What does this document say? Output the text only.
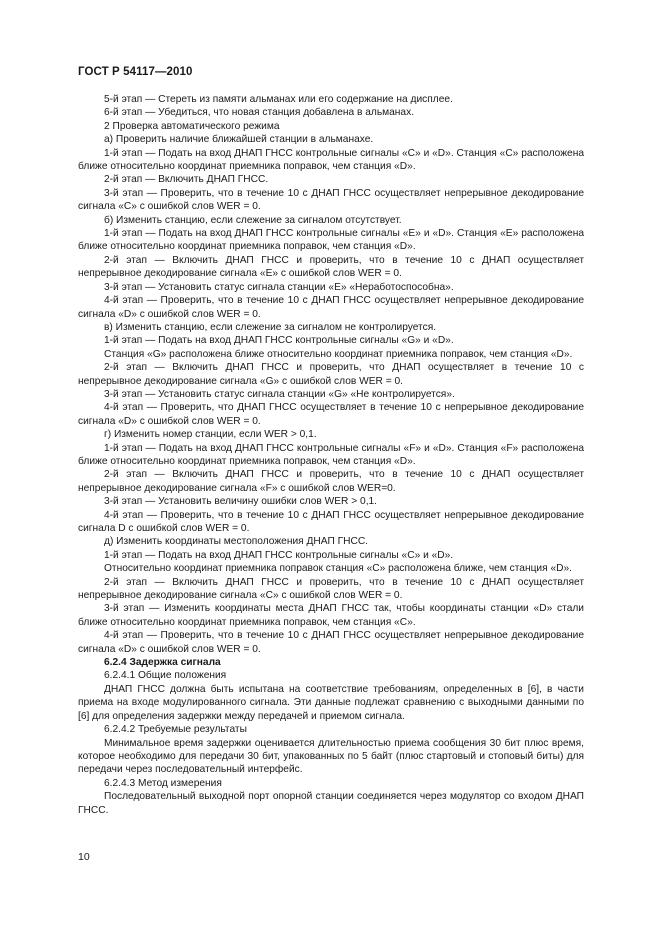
ГОСТ Р 54117—2010

5-й этап — Стереть из памяти альманах или его содержание на дисплее.

6-й этап — Убедиться, что новая станция добавлена в альманах.

2 Проверка автоматического режима

а) Проверить наличие ближайшей станции в альманахе.

1-й этап — Подать на вход ДНАП ГНСС контрольные сигналы «С» и «D». Станция «С» расположена ближе относительно координат приемника поправок, чем станция «D».

2-й этап — Включить ДНАП ГНСС.

3-й этап — Проверить, что в течение 10 с ДНАП ГНСС осуществляет непрерывное декодирование сигнала «С» с ошибкой слов WER = 0.

б) Изменить станцию, если слежение за сигналом отсутствует.

1-й этап — Подать на вход ДНАП ГНСС контрольные сигналы «Е» и «D». Станция «Е» расположена ближе относительно координат приемника поправок, чем станция «D».

2-й этап — Включить ДНАП ГНСС и проверить, что в течение 10 с ДНАП осуществляет непрерывное декодирование сигнала «Е» с ошибкой слов WER = 0.

3-й этап — Установить статус сигнала станции «Е» «Неработоспособна».

4-й этап — Проверить, что в течение 10 с ДНАП ГНСС осуществляет непрерывное декодирование сигнала «D» с ошибкой слов WER = 0.

в) Изменить станцию, если слежение за сигналом не контролируется.

1-й этап — Подать на вход ДНАП ГНСС контрольные сигналы «G» и «D».

Станция «G» расположена ближе относительно координат приемника поправок, чем станция «D».

2-й этап — Включить ДНАП ГНСС и проверить, что ДНАП осуществляет в течение 10 с непрерывное декодирование сигнала «G» с ошибкой слов WER = 0.

3-й этап — Установить статус сигнала станции «G» «Не контролируется».

4-й этап — Проверить, что ДНАП ГНСС осуществляет в течение 10 с непрерывное декодирование сигнала «D» с ошибкой слов WER = 0.

г) Изменить номер станции, если WER > 0,1.

1-й этап — Подать на вход ДНАП ГНСС контрольные сигналы «F» и «D». Станция «F» расположена ближе относительно координат приемника поправок, чем станция «D».

2-й этап — Включить ДНАП ГНСС и проверить, что в течение 10 с ДНАП осуществляет непрерывное декодирование сигнала «F» с ошибкой слов WER=0.

3-й этап — Установить величину ошибки слов WER > 0,1.

4-й этап — Проверить, что в течение 10 с ДНАП ГНСС осуществляет непрерывное декодирование сигнала D с ошибкой слов WER = 0.

д) Изменить координаты местоположения ДНАП ГНСС.

1-й этап — Подать на вход ДНАП ГНСС контрольные сигналы «С» и «D».

Относительно координат приемника поправок станция «С» расположена ближе, чем станция «D».

2-й этап — Включить ДНАП ГНСС и проверить, что в течение 10 с ДНАП осуществляет непрерывное декодирование сигнала «С» с ошибкой слов WER = 0.

3-й этап — Изменить координаты места ДНАП ГНСС так, чтобы координаты станции «D» стали ближе относительно координат приемника поправок, чем станция «С».

4-й этап — Проверить, что в течение 10 с ДНАП ГНСС осуществляет непрерывное декодирование сигнала «D» с ошибкой слов WER = 0.

6.2.4 Задержка сигнала

6.2.4.1 Общие положения

ДНАП ГНСС должна быть испытана на соответствие требованиям, определенных в [6], в части приема на входе модулированного сигнала. Эти данные подлежат сравнению с выходными данными по [6] для определения задержки между передачей и приемом сигнала.

6.2.4.2 Требуемые результаты

Минимальное время задержки оценивается длительностью приема сообщения 30 бит плюс время, которое необходимо для передачи 30 бит, упакованных по 5 байт (плюс стартовый и стоповый биты) для передачи через последовательный интерфейс.

6.2.4.3 Метод измерения

Последовательный выходной порт опорной станции соединяется через модулятор со входом ДНАП ГНСС.

10
